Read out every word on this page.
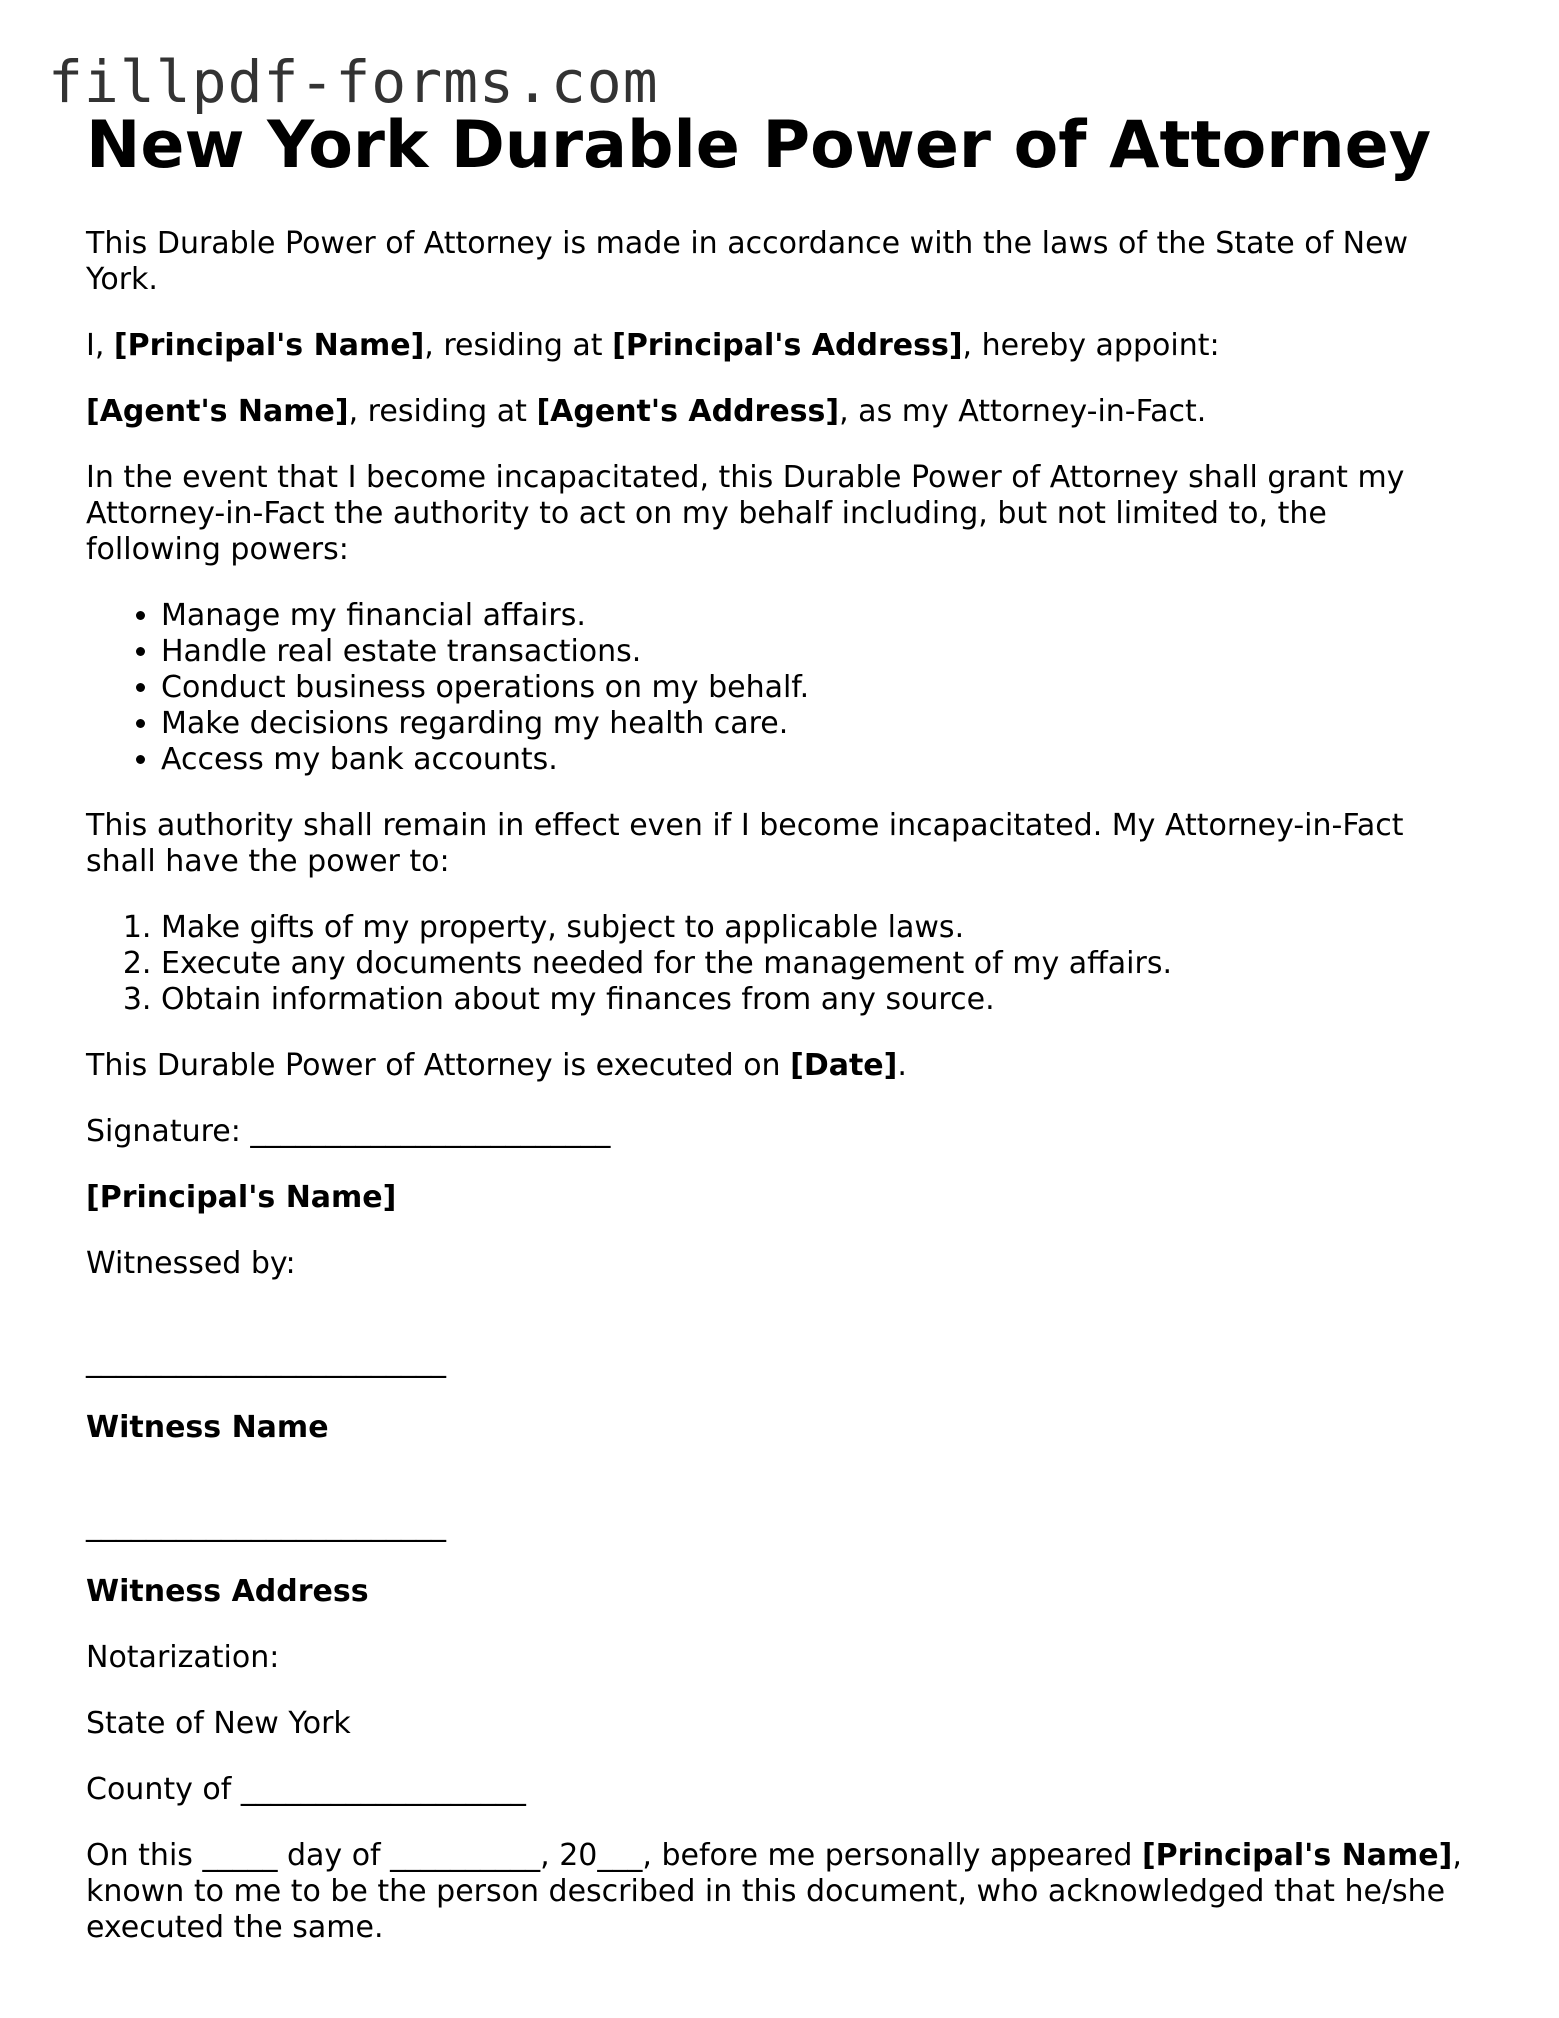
fillpdf-forms.com
New York Durable Power of Attorney

This Durable Power of Attorney is made in accordance with the laws of the State of New York.

I, [Principal's Name], residing at [Principal's Address], hereby appoint:

[Agent's Name], residing at [Agent's Address], as my Attorney-in-Fact.

In the event that I become incapacitated, this Durable Power of Attorney shall grant my Attorney-in-Fact the authority to act on my behalf including, but not limited to, the following powers:

• Manage my financial affairs.
• Handle real estate transactions.
• Conduct business operations on my behalf.
• Make decisions regarding my health care.
• Access my bank accounts.

This authority shall remain in effect even if I become incapacitated. My Attorney-in-Fact shall have the power to:

1. Make gifts of my property, subject to applicable laws.
2. Execute any documents needed for the management of my affairs.
3. Obtain information about my finances from any source.

This Durable Power of Attorney is executed on [Date].

Signature: ________________________

[Principal's Name]

Witnessed by:

________________________

Witness Name

________________________

Witness Address

Notarization:

State of New York

County of ___________________

On this _____ day of __________, 20___, before me personally appeared [Principal's Name], known to me to be the person described in this document, who acknowledged that he/she executed the same.
